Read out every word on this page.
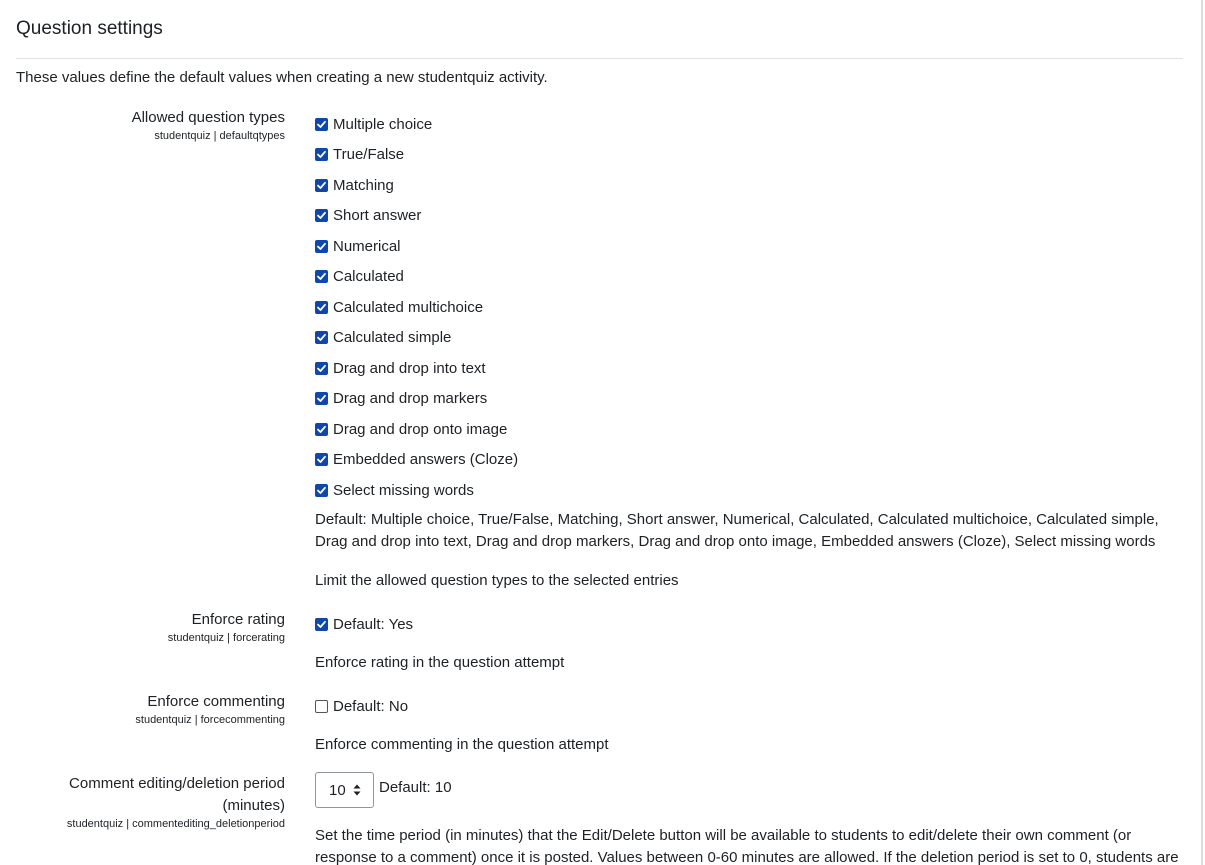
Question settings
These values define the default values when creating a new studentquiz activity.
Allowed question types
studentquiz | defaultqtypes
Multiple choice
True/False
Matching
Short answer
Numerical
Calculated
Calculated multichoice
Calculated simple
Drag and drop into text
Drag and drop markers
Drag and drop onto image
Embedded answers (Cloze)
Select missing words
Default: Multiple choice, True/False, Matching, Short answer, Numerical, Calculated, Calculated multichoice, Calculated simple, Drag and drop into text, Drag and drop markers, Drag and drop onto image, Embedded answers (Cloze), Select missing words
Limit the allowed question types to the selected entries
Enforce rating
studentquiz | forcerating
Default: Yes
Enforce rating in the question attempt
Enforce commenting
studentquiz | forcecommenting
Default: No
Enforce commenting in the question attempt
Comment editing/deletion period
(minutes)
studentquiz | commentediting_deletionperiod
10 Default: 10
Set the time period (in minutes) that the Edit/Delete button will be available to students to edit/delete their own comment (or response to a comment) once it is posted. Values between 0-60 minutes are allowed. If the deletion period is set to 0, students are
